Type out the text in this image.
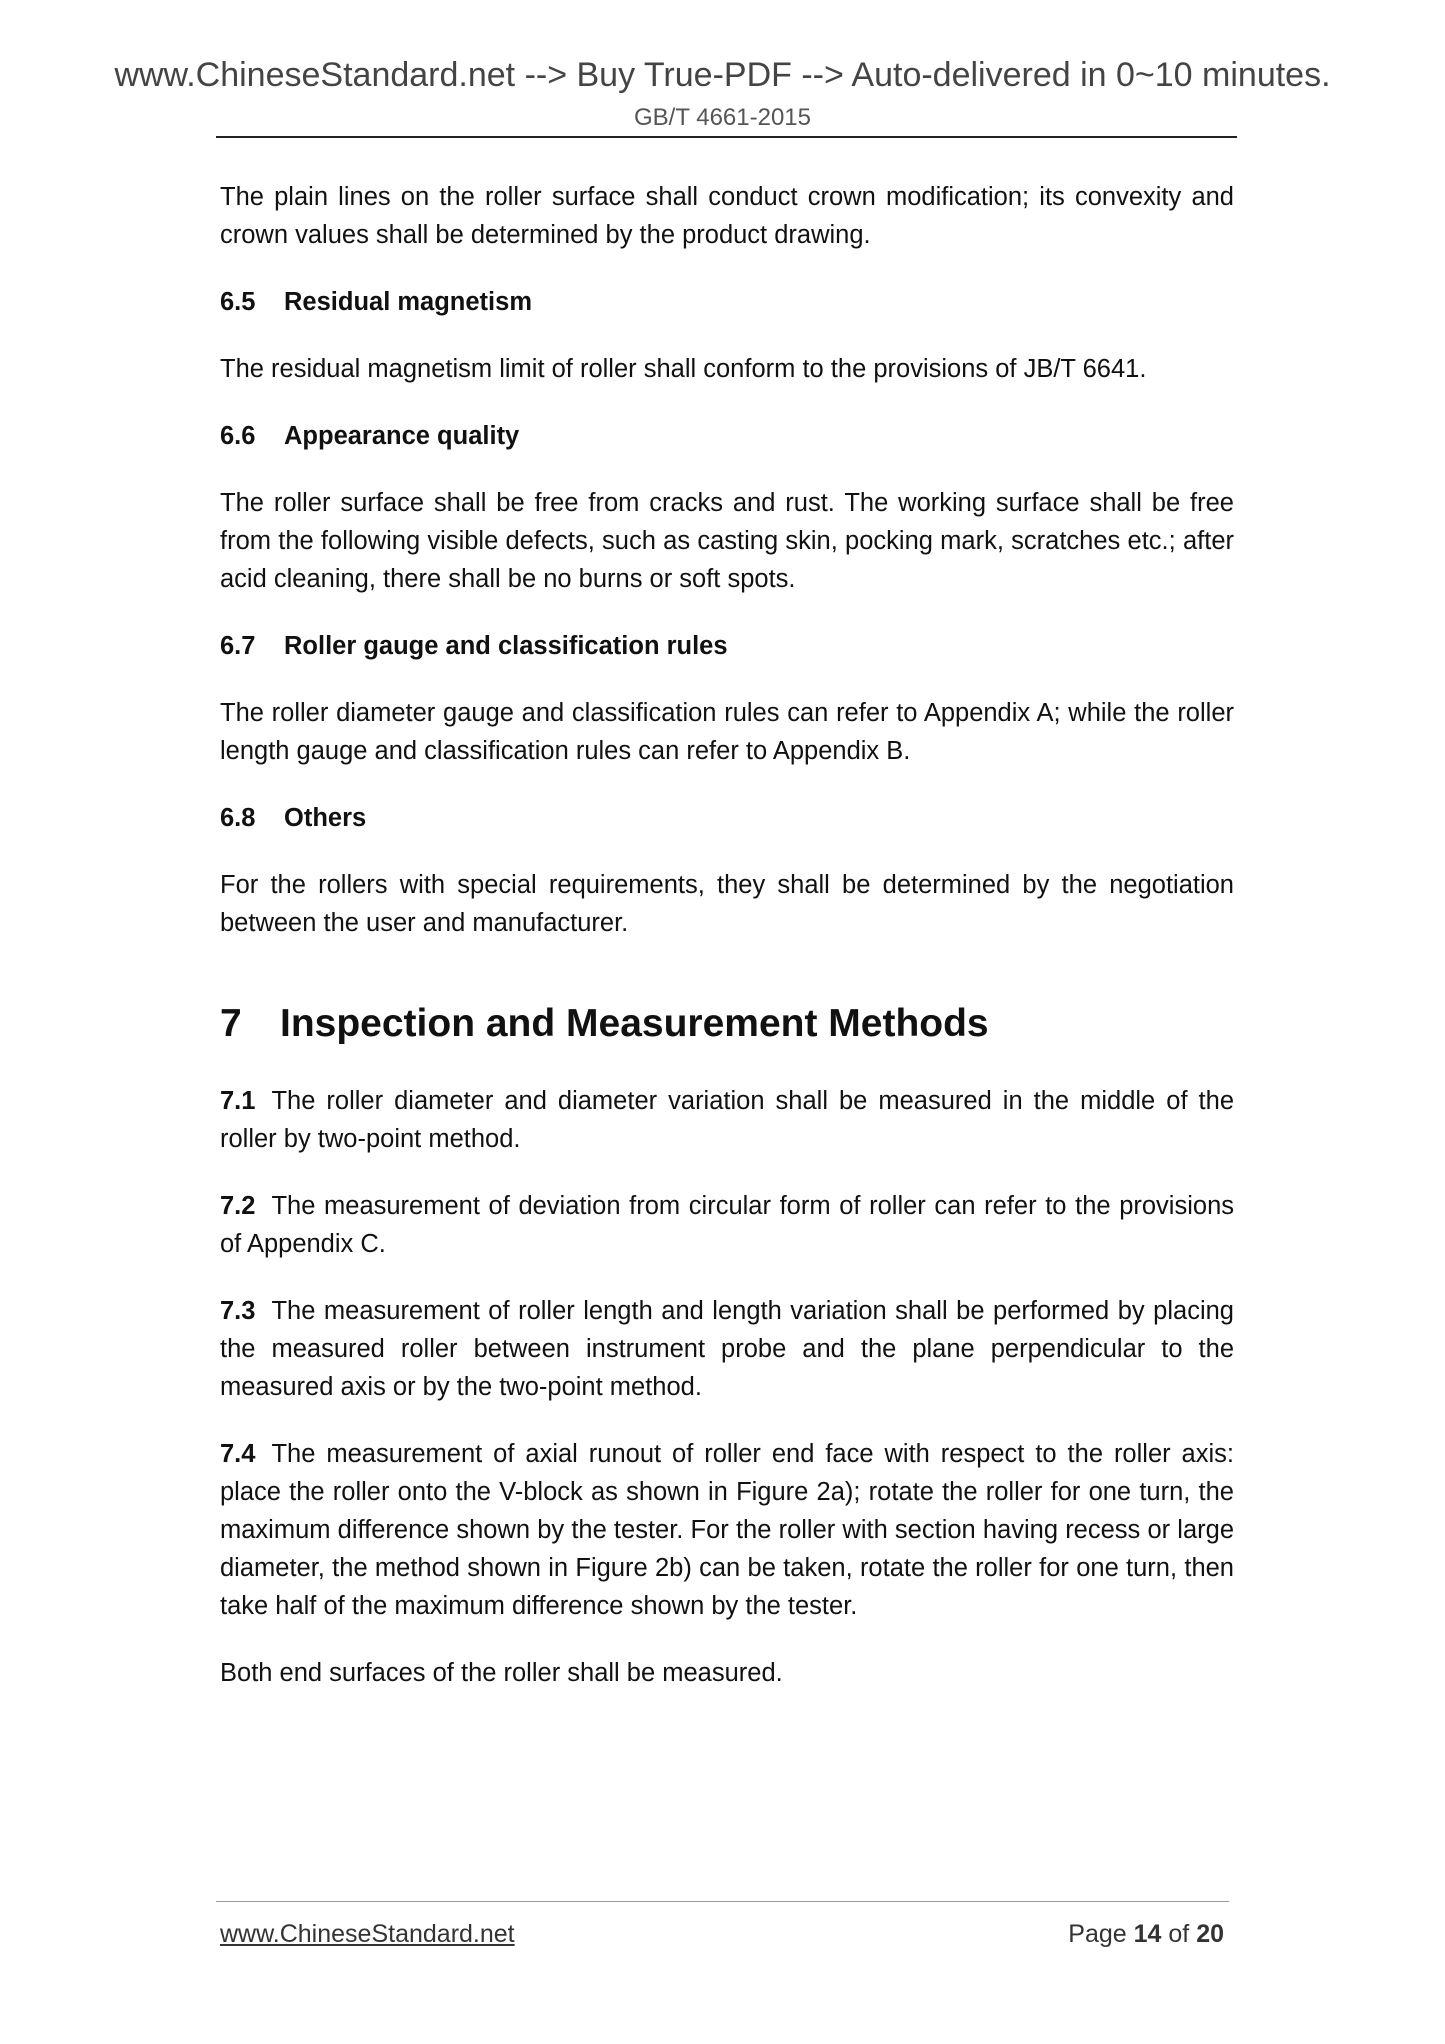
www.ChineseStandard.net --> Buy True-PDF --> Auto-delivered in 0~10 minutes.
GB/T 4661-2015

The plain lines on the roller surface shall conduct crown modification; its convexity and crown values shall be determined by the product drawing.

6.5 Residual magnetism

The residual magnetism limit of roller shall conform to the provisions of JB/T 6641.

6.6 Appearance quality

The roller surface shall be free from cracks and rust. The working surface shall be free from the following visible defects, such as casting skin, pocking mark, scratches etc.; after acid cleaning, there shall be no burns or soft spots.

6.7 Roller gauge and classification rules

The roller diameter gauge and classification rules can refer to Appendix A; while the roller length gauge and classification rules can refer to Appendix B.

6.8 Others

For the rollers with special requirements, they shall be determined by the negotiation between the user and manufacturer.

7 Inspection and Measurement Methods

7.1 The roller diameter and diameter variation shall be measured in the middle of the roller by two-point method.

7.2 The measurement of deviation from circular form of roller can refer to the provisions of Appendix C.

7.3 The measurement of roller length and length variation shall be performed by placing the measured roller between instrument probe and the plane perpendicular to the measured axis or by the two-point method.

7.4 The measurement of axial runout of roller end face with respect to the roller axis: place the roller onto the V-block as shown in Figure 2a); rotate the roller for one turn, the maximum difference shown by the tester. For the roller with section having recess or large diameter, the method shown in Figure 2b) can be taken, rotate the roller for one turn, then take half of the maximum difference shown by the tester.

Both end surfaces of the roller shall be measured.

www.ChineseStandard.net	Page 14 of 20
